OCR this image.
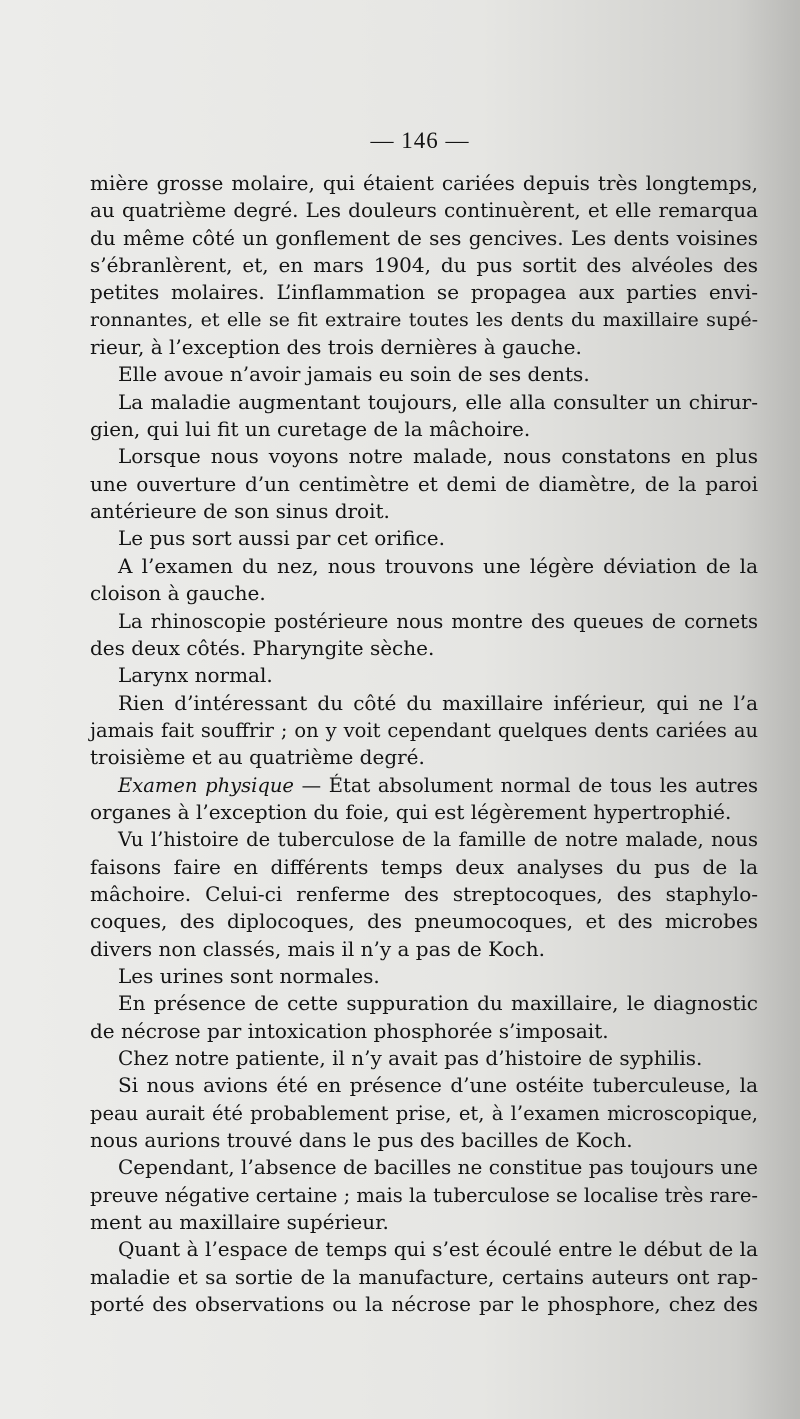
— 146 —
mière grosse molaire, qui étaient cariées depuis très longtemps,
au quatrième degré. Les douleurs continuèrent, et elle remarqua
du même côté un gonflement de ses gencives. Les dents voisines
s’ébranlèrent, et, en mars 1904, du pus sortit des alvéoles des
petites molaires. L’inflammation se propagea aux parties envi-
ronnantes, et elle se fit extraire toutes les dents du maxillaire supé-
rieur, à l’exception des trois dernières à gauche.
Elle avoue n’avoir jamais eu soin de ses dents.
La maladie augmentant toujours, elle alla consulter un chirur-
gien, qui lui fit un curetage de la mâchoire.
Lorsque nous voyons notre malade, nous constatons en plus
une ouverture d’un centimètre et demi de diamètre, de la paroi
antérieure de son sinus droit.
Le pus sort aussi par cet orifice.
A l’examen du nez, nous trouvons une légère déviation de la
cloison à gauche.
La rhinoscopie postérieure nous montre des queues de cornets
des deux côtés. Pharyngite sèche.
Larynx normal.
Rien d’intéressant du côté du maxillaire inférieur, qui ne l’a
jamais fait souffrir ; on y voit cependant quelques dents cariées au
troisième et au quatrième degré.
Examen physique — État absolument normal de tous les autres
organes à l’exception du foie, qui est légèrement hypertrophié.
Vu l’histoire de tuberculose de la famille de notre malade, nous
faisons faire en différents temps deux analyses du pus de la
mâchoire. Celui-ci renferme des streptocoques, des staphylo-
coques, des diplocoques, des pneumocoques, et des microbes
divers non classés, mais il n’y a pas de Koch.
Les urines sont normales.
En présence de cette suppuration du maxillaire, le diagnostic
de nécrose par intoxication phosphorée s’imposait.
Chez notre patiente, il n’y avait pas d’histoire de syphilis.
Si nous avions été en présence d’une ostéite tuberculeuse, la
peau aurait été probablement prise, et, à l’examen microscopique,
nous aurions trouvé dans le pus des bacilles de Koch.
Cependant, l’absence de bacilles ne constitue pas toujours une
preuve négative certaine ; mais la tuberculose se localise très rare-
ment au maxillaire supérieur.
Quant à l’espace de temps qui s’est écoulé entre le début de la
maladie et sa sortie de la manufacture, certains auteurs ont rap-
porté des observations ou la nécrose par le phosphore, chez des
